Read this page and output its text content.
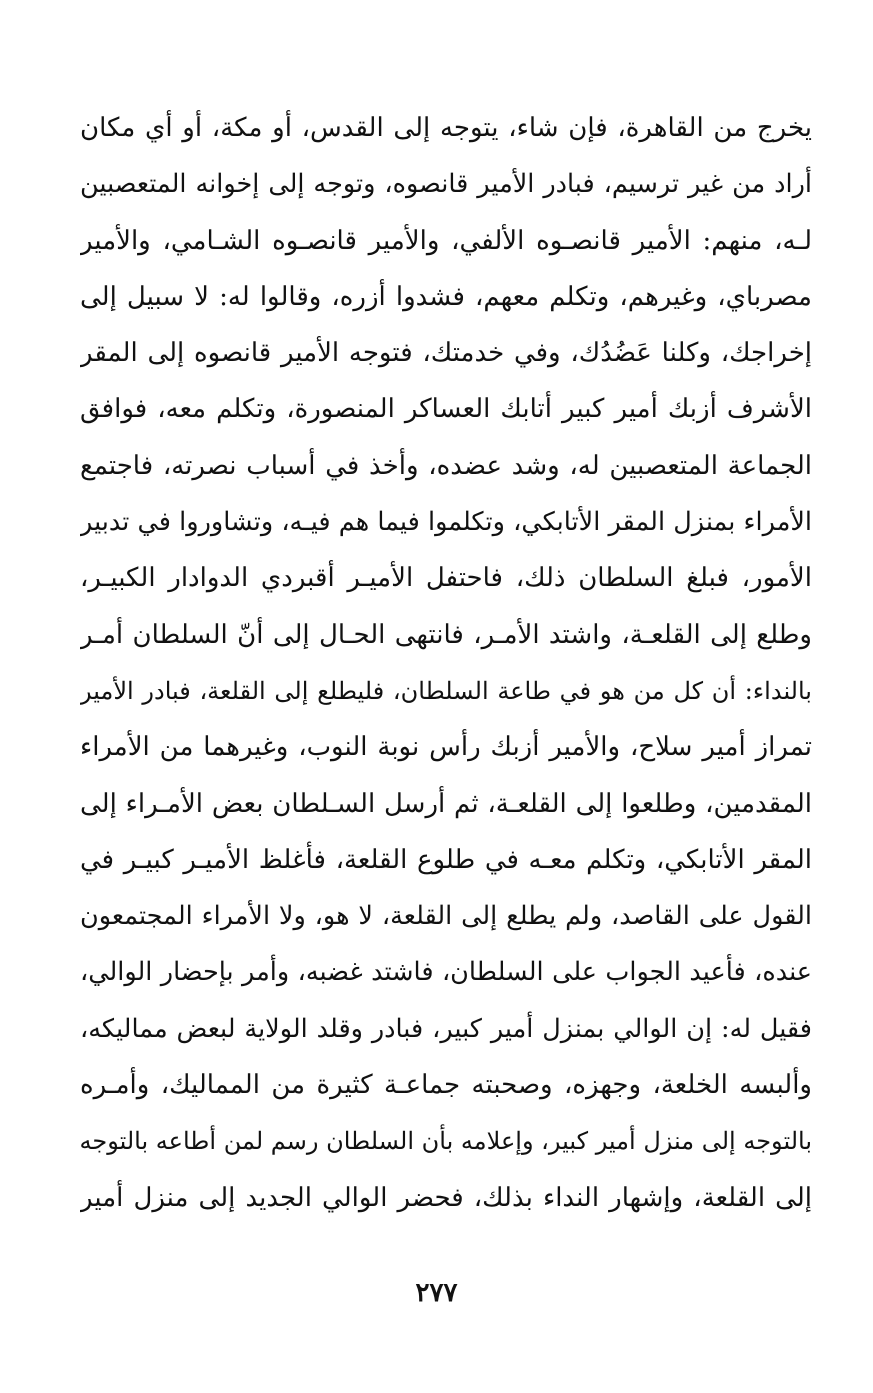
يخرج من القاهرة، فإن شاء، يتوجه إلى القدس، أو مكة، أو أي مكان
أراد من غير ترسيم، فبادر الأمير قانصوه، وتوجه إلى إخوانه المتعصبين
لـه، منهم: الأمير قانصـوه الألفي، والأمير قانصـوه الشـامي، والأمير
مصرباي، وغيرهم، وتكلم معهم، فشدوا أزره، وقالوا له: لا سبيل إلى
إخراجك، وكلنا عَضُدُك، وفي خدمتك، فتوجه الأمير قانصوه إلى المقر
الأشرف أزبك أمير كبير أتابك العساكر المنصورة، وتكلم معه، فوافق
الجماعة المتعصبين له، وشد عضده، وأخذ في أسباب نصرته، فاجتمع
الأمراء بمنزل المقر الأتابكي، وتكلموا فيما هم فيـه، وتشاوروا في تدبير
الأمور، فبلغ السلطان ذلك، فاحتفل الأميـر أقبردي الدوادار الكبيـر،
وطلع إلى القلعـة، واشتد الأمـر، فانتهى الحـال إلى أنّ السلطان أمـر
بالنداء: أن كل من هو في طاعة السلطان، فليطلع إلى القلعة، فبادر الأمير
تمراز أمير سلاح، والأمير أزبك رأس نوبة النوب، وغيرهما من الأمراء
المقدمين، وطلعوا إلى القلعـة، ثم أرسل السـلطان بعض الأمـراء إلى
المقر الأتابكي، وتكلم معـه في طلوع القلعة، فأغلظ الأميـر كبيـر في
القول على القاصد، ولم يطلع إلى القلعة، لا هو، ولا الأمراء المجتمعون
عنده، فأعيد الجواب على السلطان، فاشتد غضبه، وأمر بإحضار الوالي،
فقيل له: إن الوالي بمنزل أمير كبير، فبادر وقلد الولاية لبعض مماليكه،
وألبسه الخلعة، وجهزه، وصحبته جماعـة كثيرة من المماليك، وأمـره
بالتوجه إلى منزل أمير كبير، وإعلامه بأن السلطان رسم لمن أطاعه بالتوجه
إلى القلعة، وإشهار النداء بذلك، فحضر الوالي الجديد إلى منزل أمير
٢٧٧
